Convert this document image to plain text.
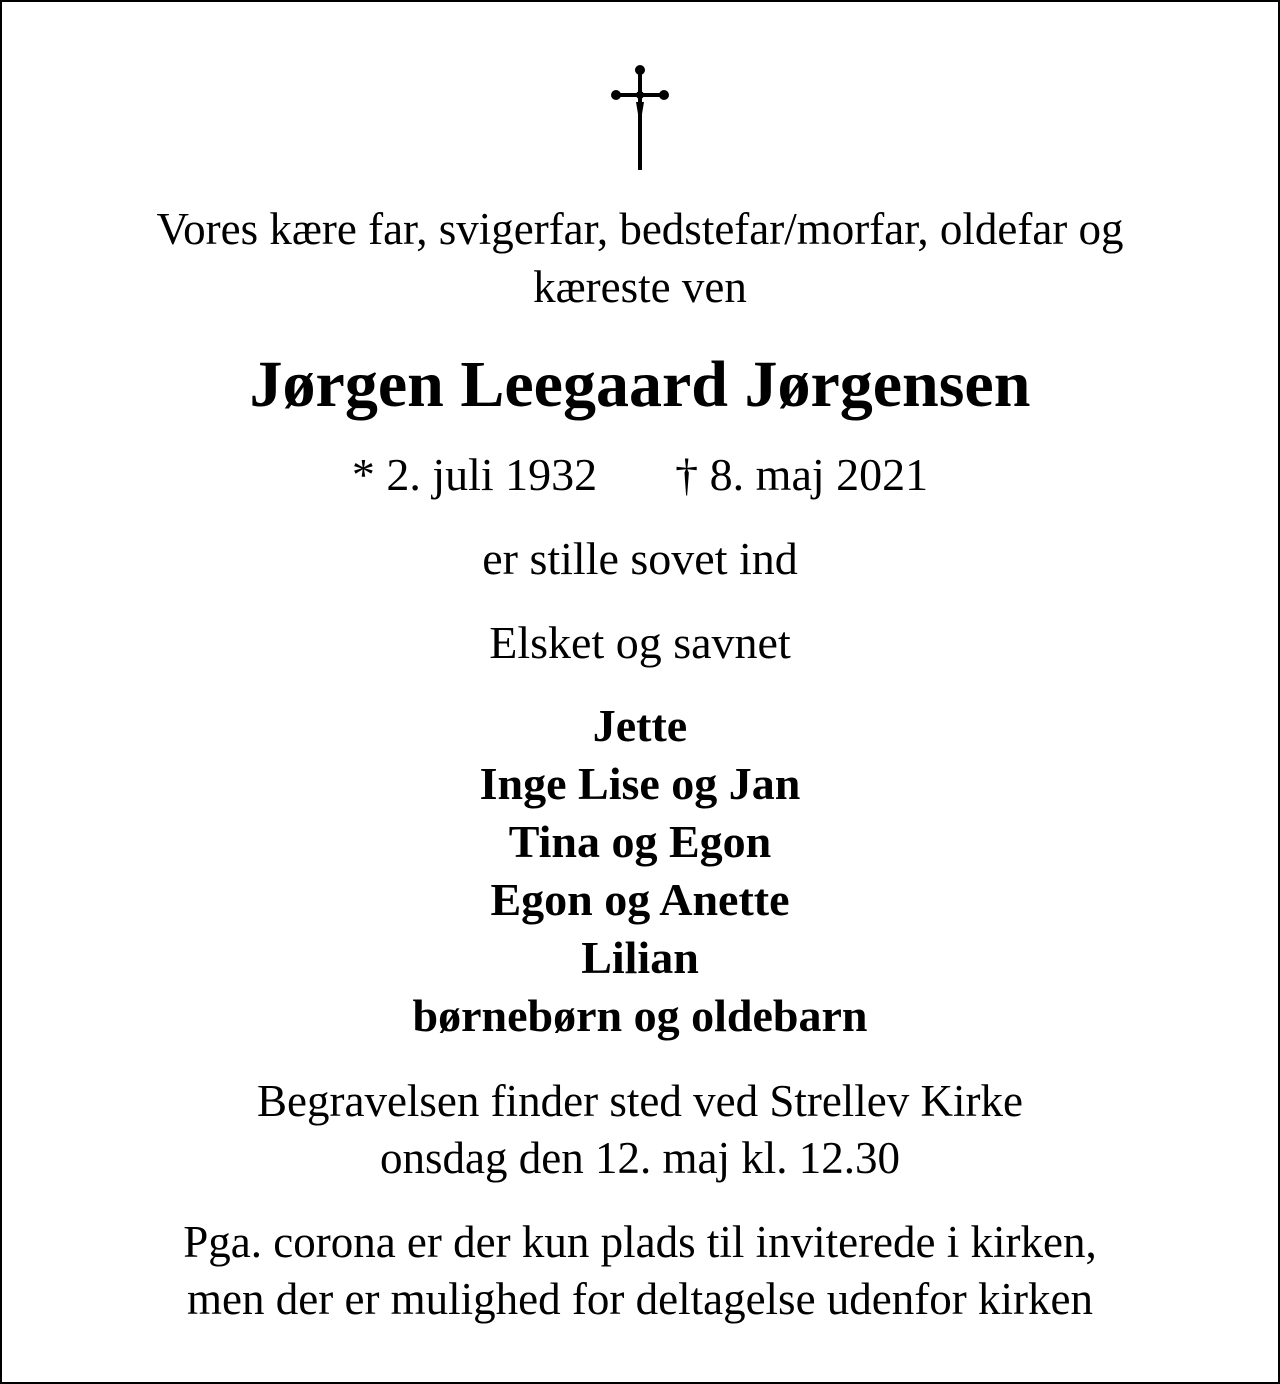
Vores kære far, svigerfar, bedstefar/morfar, oldefar og
kæreste ven
Jørgen Leegaard Jørgensen
* 2. juli 1932 † 8. maj 2021
er stille sovet ind
Elsket og savnet
Jette
Inge Lise og Jan
Tina og Egon
Egon og Anette
Lilian
børnebørn og oldebarn
Begravelsen finder sted ved Strellev Kirke
onsdag den 12. maj kl. 12.30
Pga. corona er der kun plads til inviterede i kirken,
men der er mulighed for deltagelse udenfor kirken
